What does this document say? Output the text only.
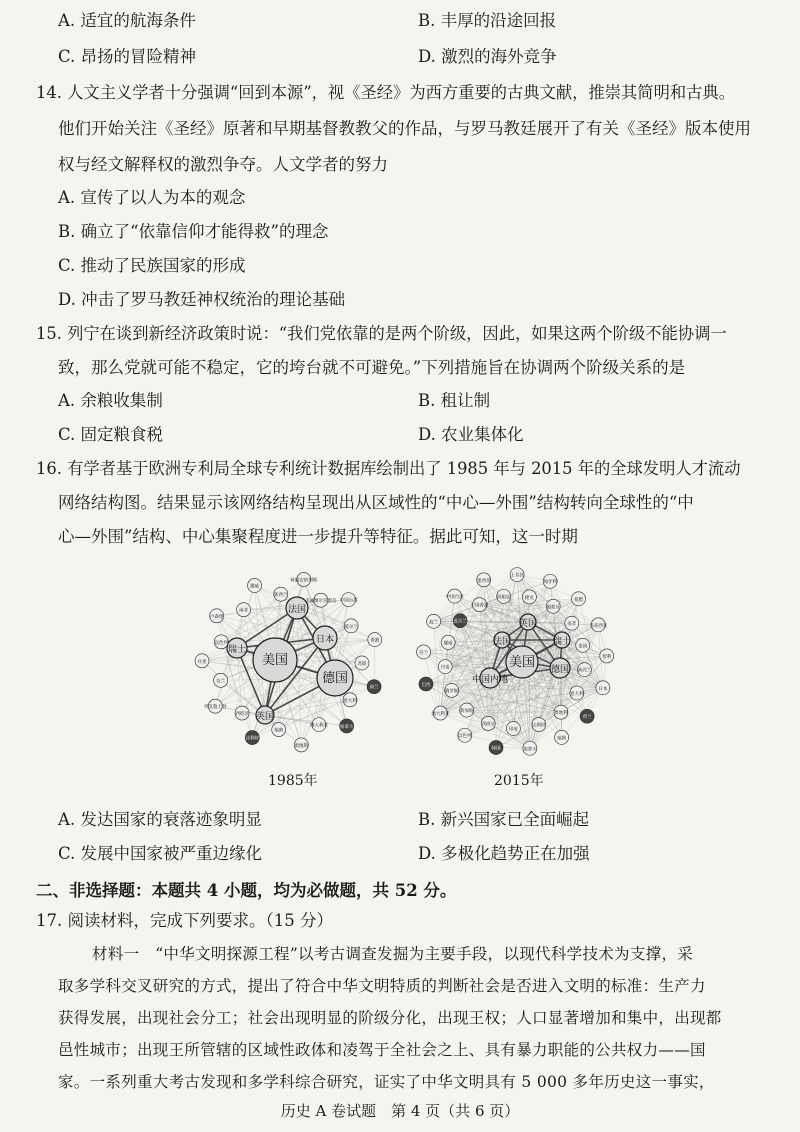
A. 适宜的航海条件	B. 丰厚的沿途回报
C. 昂扬的冒险精神	D. 激烈的海外竞争
14. 人文主义学者十分强调“回到本源”，视《圣经》为西方重要的古典文献，推崇其简明和古典。
他们开始关注《圣经》原著和早期基督教教父的作品，与罗马教廷展开了有关《圣经》版本使用
权与经文解释权的激烈争夺。人文学者的努力
A. 宣传了以人为本的观念
B. 确立了“依靠信仰才能得救”的理念
C. 推动了民族国家的形成
D. 冲击了罗马教廷神权统治的理论基础
15. 列宁在谈到新经济政策时说：“我们党依靠的是两个阶级，因此，如果这两个阶级不能协调一
致，那么党就可能不稳定，它的垮台就不可避免。”下列措施旨在协调两个阶级关系的是
A. 余粮收集制	B. 租让制
C. 固定粮食税	D. 农业集体化
16. 有学者基于欧洲专利局全球专利统计数据库绘制出了 1985 年与 2015 年的全球发明人才流动
网络结构图。结果显示该网络结构呈现出从区域性的“中心—外围”结构转向全球性的“中
心—外围”结构、中心集聚程度进一步提升等特征。据此可知，这一时期
美国
德国
日本
法国
瑞士
英国
荷兰
意大利
加拿大
澳大利亚
奥地利
瑞典
比利时
西班牙
列支敦士登
芬兰
丹麦
以色列
卢森堡
南非
挪威
新西兰
荷属安的列斯
美属维尔京群岛 中国台湾
爱尔兰
香港
苏联
1985年
美国 德国
中国内地
英国
法国	瑞士
日本
意大利
荷兰
奥地利
瑞典
比利时
加拿大
印度
韩国
西班牙
以色列
新加坡
澳大利亚
俄罗斯
巴西
丹麦
芬兰
挪威
波兰	爱尔兰
中国台湾
中国香港
墨西哥
阿根廷
土耳其
捷克
匈牙利
葡萄牙
希腊
南非	马来西亚
泰国
智利
新西兰
2015年
A. 发达国家的衰落迹象明显	B. 新兴国家已全面崛起
C. 发展中国家被严重边缘化	D. 多极化趋势正在加强
二、非选择题：本题共 4 小题，均为必做题，共 52 分。
17. 阅读材料，完成下列要求。（15 分）
材料一　“中华文明探源工程”以考古调查发掘为主要手段，以现代科学技术为支撑，采
取多学科交叉研究的方式，提出了符合中华文明特质的判断社会是否进入文明的标准：生产力
获得发展，出现社会分工；社会出现明显的阶级分化，出现王权；人口显著增加和集中，出现都
邑性城市；出现王所管辖的区域性政体和凌驾于全社会之上、具有暴力职能的公共权力——国
家。一系列重大考古发现和多学科综合研究，证实了中华文明具有 5 000 多年历史这一事实，
历史 A 卷试题　第 4 页（共 6 页）
